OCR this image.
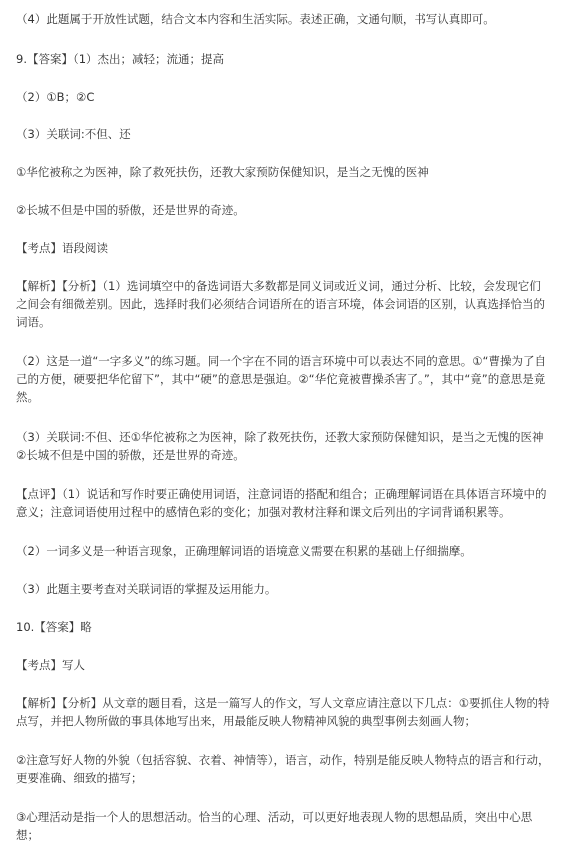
（4）此题属于开放性试题，结合文本内容和生活实际。表述正确，文通句顺，书写认真即可。

9.【答案】（1）杰出；减轻；流通；提高

（2）①B；②C

（3）关联词:不但、还

①华佗被称之为医神，除了救死扶伤，还教大家预防保健知识，是当之无愧的医神

②长城不但是中国的骄傲，还是世界的奇迹。

【考点】语段阅读

【解析】【分析】（1）选词填空中的备选词语大多数都是同义词或近义词，通过分析、比较，会发现它们之间会有细微差别。因此，选择时我们必须结合词语所在的语言环境，体会词语的区别，认真选择恰当的词语。

（2）这是一道“一字多义”的练习题。同一个字在不同的语言环境中可以表达不同的意思。①“曹操为了自己的方便，硬要把华佗留下”，其中“硬”的意思是强迫。②“华佗竟被曹操杀害了。”，其中“竟”的意思是竟然。

（3）关联词:不但、还①华佗被称之为医神，除了救死扶伤，还教大家预防保健知识，是当之无愧的医神②长城不但是中国的骄傲，还是世界的奇迹。

【点评】（1）说话和写作时要正确使用词语，注意词语的搭配和组合；正确理解词语在具体语言环境中的意义；注意词语使用过程中的感情色彩的变化；加强对教材注释和课文后列出的字词背诵积累等。

（2）一词多义是一种语言现象，正确理解词语的语境意义需要在积累的基础上仔细揣摩。

（3）此题主要考查对关联词语的掌握及运用能力。

10.【答案】略

【考点】写人

【解析】【分析】从文章的题目看，这是一篇写人的作文，写人文章应请注意以下几点：①要抓住人物的特点写，并把人物所做的事具体地写出来，用最能反映人物精神风貌的典型事例去刻画人物；

②注意写好人物的外貌（包括容貌、衣着、神情等），语言，动作，特别是能反映人物特点的语言和行动，更要准确、细致的描写；

③心理活动是指一个人的思想活动。恰当的心理、活动，可以更好地表现人物的思想品质，突出中心思想；
